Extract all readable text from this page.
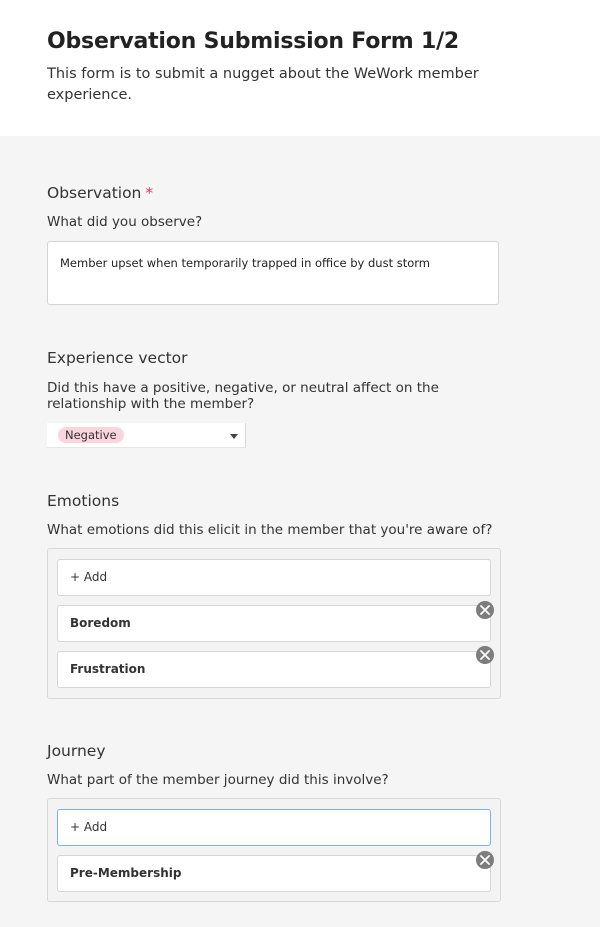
Observation Submission Form 1/2

This form is to submit a nugget about the WeWork member experience.

Observation *
What did you observe?
Member upset when temporarily trapped in office by dust storm
Experience vector
Did this have a positive, negative, or neutral affect on the relationship with the member?
Negative
Emotions
What emotions did this elicit in the member that you're aware of?
+ Add
Boredom
Frustration
Journey
What part of the member journey did this involve?
+ Add
Pre-Membership
